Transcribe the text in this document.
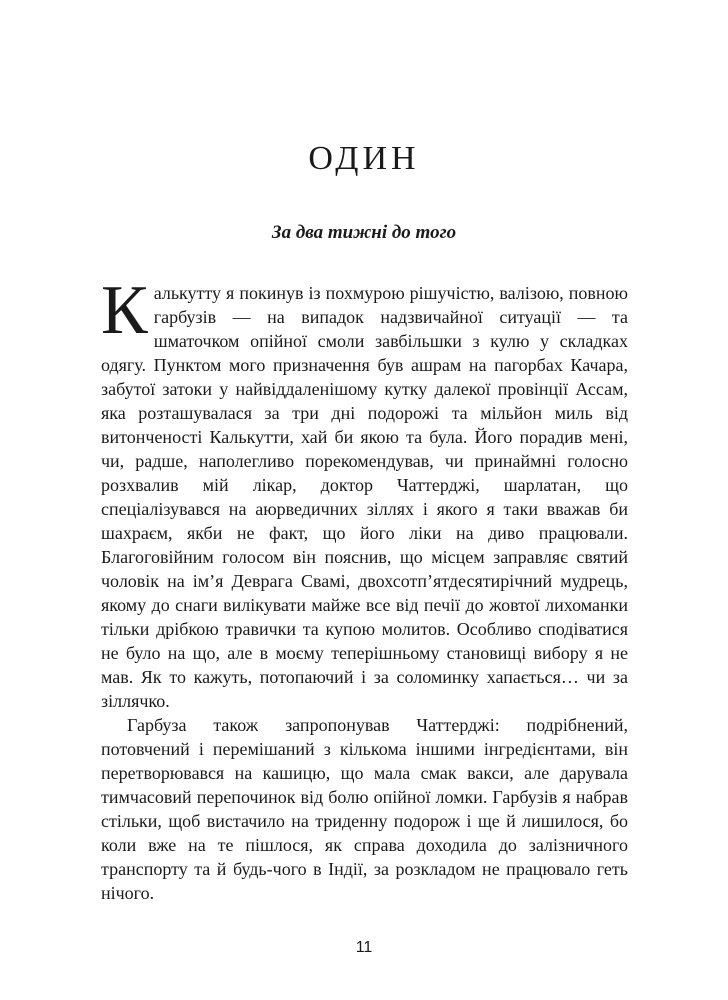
ОДИН
За два тижні до того

Калькутту я покинув із похмурою рішучістю, валізою, повною гарбузів — на випадок надзвичайної ситуації — та шматочком опійної смоли завбільшки з кулю у складках одягу. Пунктом мого призначення був ашрам на пагорбах Качара, забутої затоки у найвіддаленішому кутку далекої провінції Ассам, яка розташувалася за три дні подорожі та мільйон миль від витонченості Калькутти, хай би якою та була. Його порадив мені, чи, радше, наполегливо порекомендував, чи принаймні голосно розхвалив мій лікар, доктор Чаттерджі, шарлатан, що спеціалізувався на аюрведичних зіллях і якого я таки вважав би шахраєм, якби не факт, що його ліки на диво працювали. Благоговійним голосом він пояснив, що місцем заправляє святий чоловік на ім’я Деврага Свамі, двохсотп’ятдесятирічний мудрець, якому до снаги вилікувати майже все від печії до жовтої лихоманки тільки дрібкою травички та купою молитов. Особливо сподіватися не було на що, але в моєму теперішньому становищі вибору я не мав. Як то кажуть, потопаючий і за соломинку хапається… чи за зіллячко.

Гарбуза також запропонував Чаттерджі: подрібнений, потовчений і перемішаний з кількома іншими інгредієнтами, він перетворювався на кашицю, що мала смак вакси, але дарувала тимчасовий перепочинок від болю опійної ломки. Гарбузів я набрав стільки, щоб вистачило на триденну подорож і ще й лишилося, бо коли вже на те пішлося, як справа доходила до залізничного транспорту та й будь-чого в Індії, за розкладом не працювало геть нічого.

11
